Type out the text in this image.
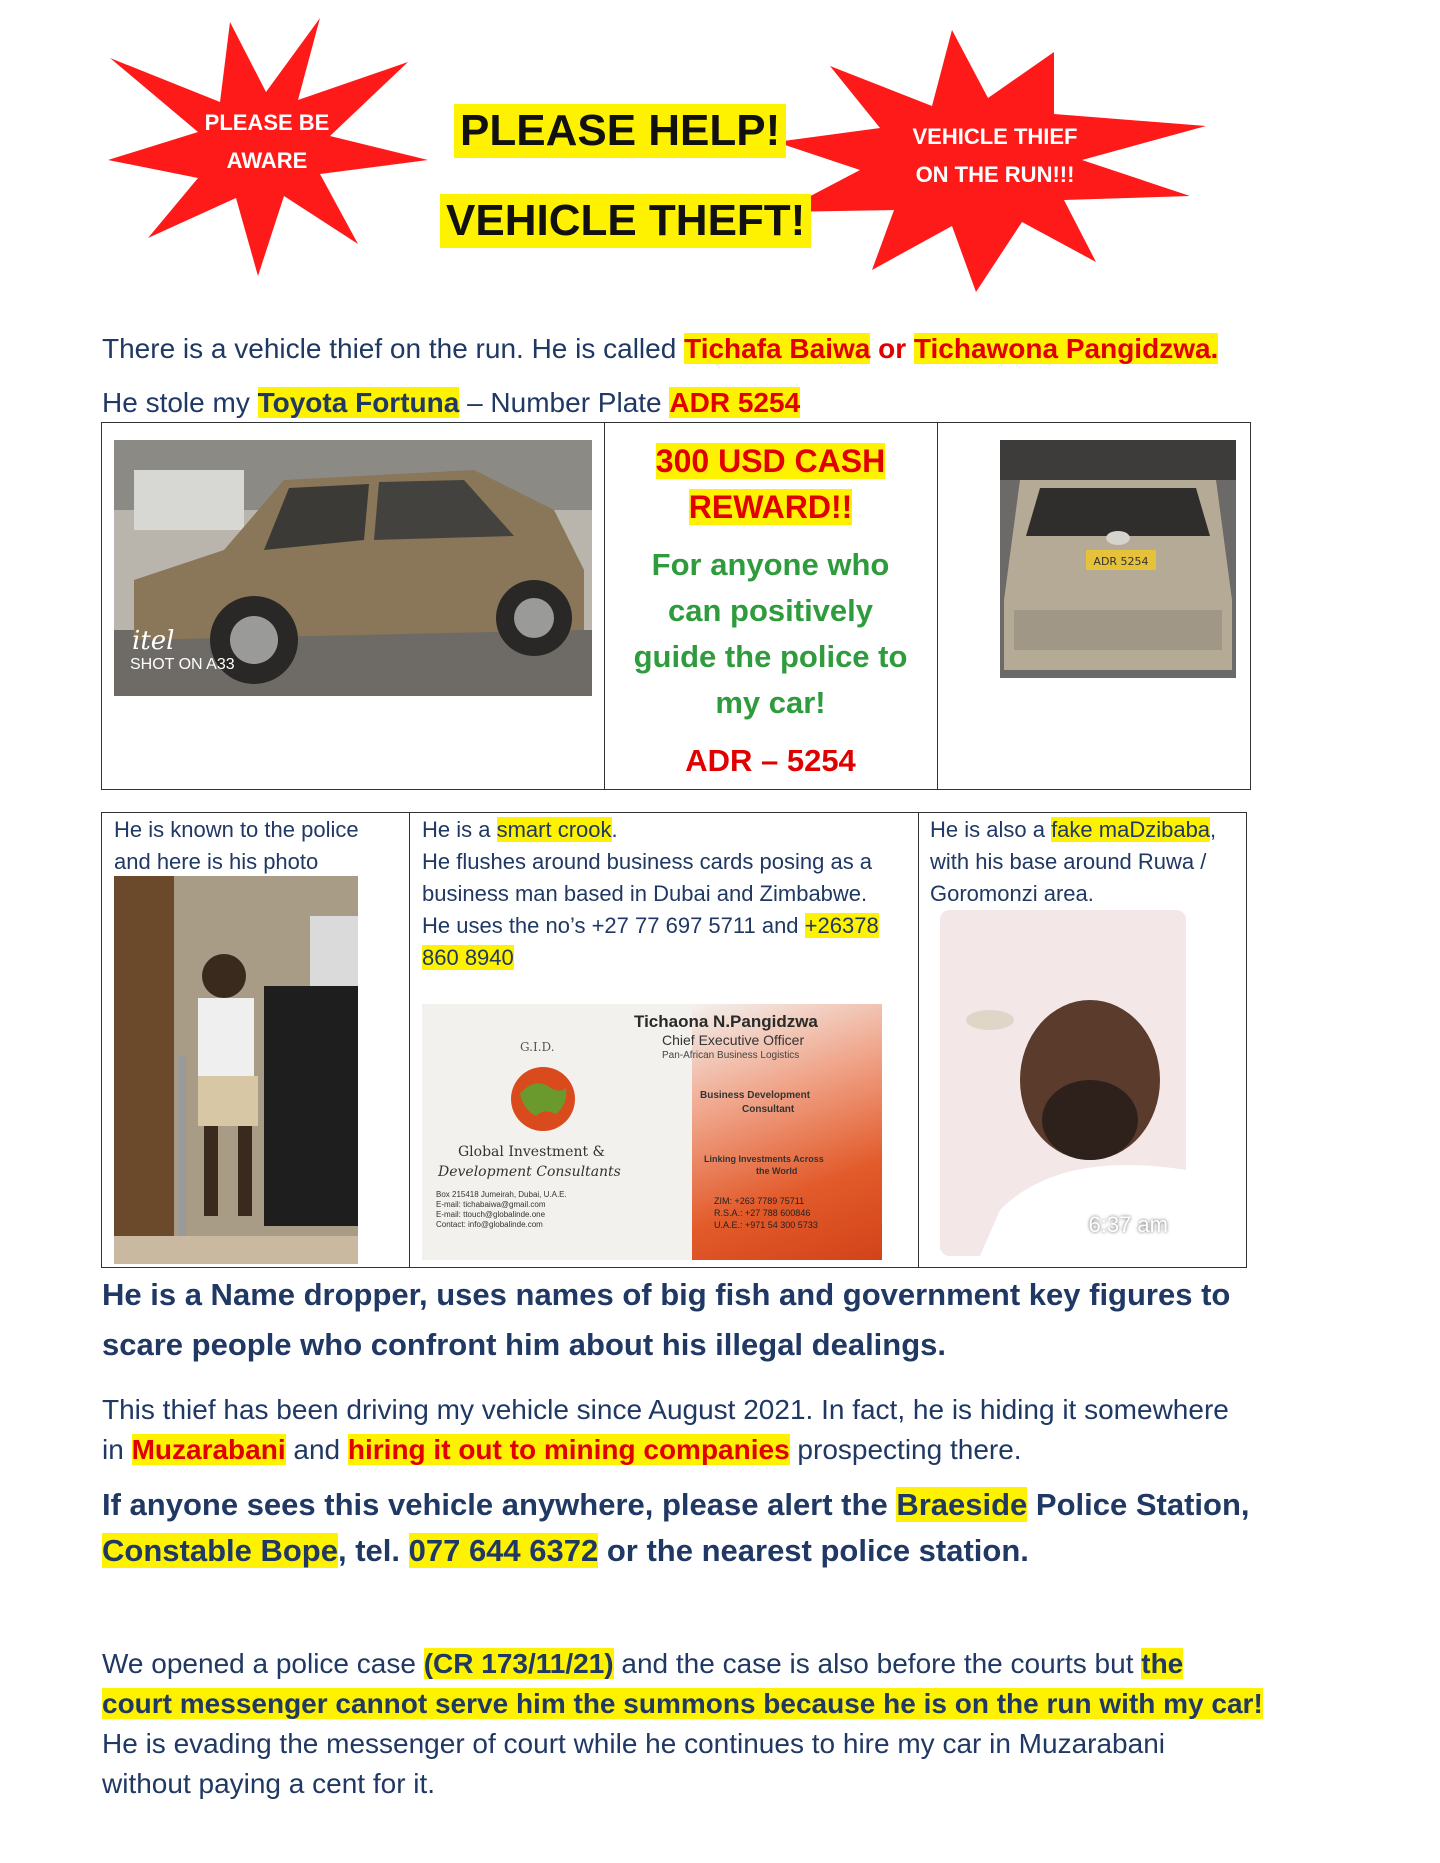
PLEASE BE
AWARE
VEHICLE THIEF
ON THE RUN!!!
PLEASE HELP!
VEHICLE THEFT!
There is a vehicle thief on the run. He is called Tichafa Baiwa or Tichawona Pangidzwa.
He stole my Toyota Fortuna – Number Plate ADR 5254
itel
SHOT ON A33
300 USD CASH
REWARD!!
For anyone who
can positively
guide the police to
my car!
ADR – 5254
ADR 5254
He is known to the police
and here is his photo
He is a smart crook.
He flushes around business cards posing as a
business man based in Dubai and Zimbabwe.
He uses the no’s +27 77 697 5711 and +26378
860 8940
Tichaona N.Pangidzwa
Chief Executive Officer
Pan-African Business Logistics
Business Development
Consultant
G.I.D.
Global Investment &
Development Consultants
Linking Investments Across
the World
Box 215418 Jumeirah, Dubai, U.A.E.
E-mail: tichabaiwa@gmail.com
E-mail: ttouch@globalinde.one
Contact: info@globalinde.com
ZIM: +263 7789 75711
R.S.A.: +27 788 600846
U.A.E.: +971 54 300 5733
He is also a fake maDzibaba,
with his base around Ruwa /
Goromonzi area.
6:37 am
He is a Name dropper, uses names of big fish and government key figures to
scare people who confront him about his illegal dealings.
This thief has been driving my vehicle since August 2021. In fact, he is hiding it somewhere
in Muzarabani and hiring it out to mining companies prospecting there.
If anyone sees this vehicle anywhere, please alert the Braeside Police Station,
Constable Bope, tel. 077 644 6372 or the nearest police station.
We opened a police case (CR 173/11/21) and the case is also before the courts but the
court messenger cannot serve him the summons because he is on the run with my car!
He is evading the messenger of court while he continues to hire my car in Muzarabani
without paying a cent for it.
